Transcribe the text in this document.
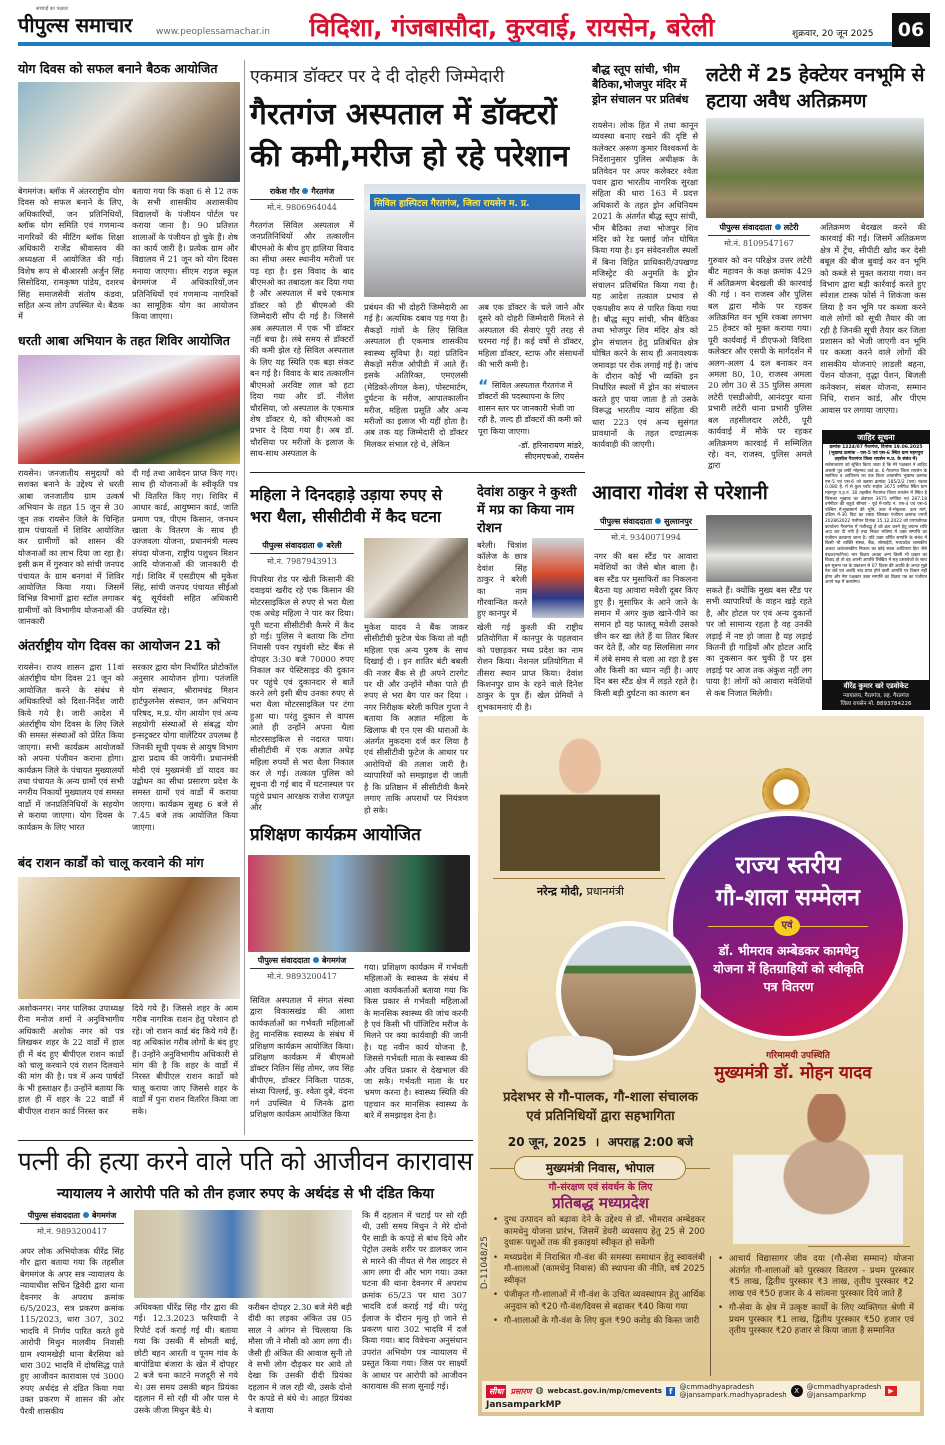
सच्चाई का पक्षधर
पीपुल्स समाचार	www.peoplessamachar.in	विदिशा, गंजबासौदा, कुरवाई, रायसेन, बरेली	शुक्रवार, 20 जून 2025	06
योग दिवस को सफल बनाने बैठक आयोजित
बेगमगंज। ब्लॉक में अंतरराष्ट्रीय योग दिवस को सफल बनाने के लिए, अधिकारियों, जन प्रतिनिधियों, ब्लॉक योग समिति एवं गणमान्य नागरिकों की मीटिंग ब्लॉक शिक्षा अधिकारी राजेंद्र श्रीवास्तव की अध्यक्षता में आयोजित की गई। विशेष रूप से बीआरसी अर्जुन सिंह सिसोदिया, रामकृष्ण पांडेय, दशरथ सिंह समाजसेवी संतोष कंडवा, सहित अन्य लोग उपस्थित थे। बैठक में
बताया गया कि कक्षा 6 से 12 तक के सभी शासकीय अशासकीय विद्यालयों के पंजीयन पोर्टल पर कराया जाना है। 90 प्रतिशत शालाओं के पंजीयन हो चुके हैं। शेष का कार्य जारी है। प्रत्येक ग्राम और विद्यालय में 21 जून को योग दिवस मनाया जाएगा। सीएम राइज स्कूल बेगमगंज में अधिकारियों,जन प्रतिनिधियों एवं गणमान्य नागरिकों का सामूहिक योग का आयोजन किया जाएगा।
धरती आबा अभियान के तहत शिविर आयोजित
रायसेन। जनजातीय समुदायों को सशक्त बनाने के उद्देश्य से धरती आबा जनजातीय ग्राम उत्कर्ष अभियान के तहत 15 जून से 30 जून तक रायसेन जिले के चिन्हित ग्राम पंचायतों में शिविर आयोजित कर ग्रामीणों को शासन की योजनाओं का लाभ दिया जा रहा है। इसी क्रम में गुरुवार को सांची जनपद पंचायत के ग्राम बनगवां में शिविर आयोजित किया गया। जिसमें विभिन्न विभागों द्वारा स्टॉल लगाकर ग्रामीणों को विभागीय योजनाओं की जानकारी
दी गई तथा आवेदन प्राप्त किए गए। साथ ही योजनाओं के स्वीकृति पत्र भी वितरित किए गए। शिविर में आधार कार्ड, आयुष्मान कार्ड, जाति प्रमाण पत्र, पीएम किसान, जनधन खाता के वितरण के साथ ही उज्जवला योजना, प्रधानमंत्री मत्स्य संपदा योजना, राष्ट्रीय पशुधन मिशन आदि योजनाओं की जानकारी दी गई। शिविर में एसडीएम श्री मुकेश सिंह, सांची जनपद पंचायत सीईओ बंदू सूर्यवंशी सहित अधिकारी उपस्थित रहे।
अंतर्राष्ट्रीय योग दिवस का आयोजन 21 को
रायसेन। राज्य शासन द्वारा 11वां अंतर्राष्ट्रीय योग दिवस 21 जून को आयोजित करने के संबंध मे अधिकारियों को दिशा-निर्देश जारी किये गये है। जारी आदेश में अंतर्राष्ट्रीय योग दिवस के लिए जिले की समस्त संस्थाओं को प्रेरित किया जाएगा। सभी कार्यक्रम आयोजकों को अपना पंजीयन कराना होगा। कार्यक्रम जिले के पंचायत मुख्यालयों तथा पंचायत के अन्य ग्रामों एवं सभी नगरीय निकायों मुख्यालय एवं समस्त वार्डो में जनप्रतिनिधियों के सहयोग से कराया जाएगा। योग दिवस के कार्यक्रम के लिए भारत
सरकार द्वारा योग निर्धारित प्रोटोकॉल अनुसार आयोजन होगा। पतंजलि योग संस्थान, श्रीरामचंद्र मिशन हार्टफुलनेस संस्थान, जन अभियान परिषद, म.प्र. योग आयोग एवं अन्य सहयोगी संस्थाओं से संबद्ध योग इन्सट्रक्टर योगा वालेंटियर उपलब्ध है जिनकी सूची पृथक से आयुष विभाग द्वारा प्रदाय की जायेगी। प्रधानमंत्री मोदी एवं मुख्यमंत्री डॉ यादव का उद्बोधन का सीधा प्रसारण प्रदेश के समस्त ग्रामों एवं वार्डो में कराया जाएगा। कार्यक्रम सुबह 6 बजे से 7.45 बजे तक आयोजित किया जाएगा।
बंद राशन कार्डों को चालू करवाने की मांग
अशोकनगर। नगर पालिका उपाध्यक्ष रीना मनोज शर्मा ने अनुविभागीय अधिकारी अशोक नगर को पत्र लिखकर शहर के 22 वार्डो में हाल ही में बंद हुए बीपीएल राशन कार्डो को चालू करवाने एवं राशन दिलवाने की मांग की है। पत्र में अन्य पार्षदों के भी हस्ताक्षर हैं। उन्होंने बताया कि हाल ही में शहर के 22 वार्डों में बीपीएल राशन कार्ड निरस्त कर
दिये गये हैं। जिससे शहर के आम गरीब नागरिक राशन हेतु परेशान हो रहे। जो राशन कार्ड बंद किये गये हैं। वह अधिकांश गरीब लोगों के बंद हुए हैं। उन्होंने अनुविभागीय अधिकारी से मांग की है कि शहर के वार्डो में निरस्त बीपीएल राशन कार्डो को चालू कराया जाए जिससे शहर के वार्डों में पुनः राशन वितरित किया जा सके।
एकमात्र डॉक्टर पर दे दी दोहरी जिम्मेदारी
गैरतगंज अस्पताल में डॉक्टरों की कमी,मरीज हो रहे परेशान
राकेश गौर गैरतगंज
मो.नं. 9806964044	सिविल हास्पिटल गैरतगंज, जिला रायसेन म. प्र.
गैरतगंज सिविल अस्पताल में जनप्रतिनिधियों और तत्कालीन बीएमओ के बीच हुए हालिया विवाद का सीधा असर स्थानीय मरीजों पर पड़ रहा है। इस विवाद के बाद बीएमओ का तबादला कर दिया गया है और अस्पताल में बचे एकमात्र डॉक्टर को ही बीएमओ की जिम्मेदारी सौंप दी गई है। जिससे अब अस्पताल में एक भी डॉक्टर नहीं बचा है। लंबे समय से डॉक्टरों की कमी झेल रहे सिविल अस्पताल के लिए यह स्थिति एक बड़ा संकट बन गई है। विवाद के बाद तत्कालीन बीएमओ अरविष्ट लाल को हटा दिया गया और डॉ. नीलेश चौरसिया, जो अस्पताल के एकमात्र शेष डॉक्टर थे, को बीएमओ का प्रभार दे दिया गया है। अब डॉ. चौरसिया पर मरीजों के इलाज के साथ-साथ अस्पताल के
प्रबंधन की भी दोहरी जिम्मेदारी आ गई है। अत्यधिक दबाव पड़ गया है। सैकड़ों गांवों के लिए सिविल अस्पताल ही एकमात्र शासकीय स्वास्थ्य सुविधा है। यहां प्रतिदिन सैकड़ों मरीज ओपीडी में आते हैं। इसके अतिरिक्त, एमएलसी (मेडिको-लीगल केस), पोस्टमार्टम, दुर्घटना के मरीज, आपातकालीन मरीज, महिला प्रसूति और अन्य मरीजों का इलाज भी यहीं होता है। अब तक यह जिम्मेदारी दो डॉक्टर मिलकर संभाल रहे थे, लेकिन
अब एक डॉक्टर के चले जाने और दूसरे को दोहरी जिम्मेदारी मिलने से अस्पताल की सेवाएं पूरी तरह से चरमरा गई हैं। कई वर्षो से डॉक्टर, महिला डॉक्टर, स्टाफ और संसाधनों की भारी कमी है।
सिविल अस्पताल गैरतगंज में डॉक्टरों की पदस्थापना के लिए शासन स्तर पर जानकारी भेजी जा रही है, जल्द ही डॉक्टरों की कमी को पूरा किया जाएगा।
-डॉ. हरिनारायण मांडरे,
सीएमएचओ, रायसेन
“
बौद्ध स्तूप सांची, भीम बैठिका,भोजपुर मंदिर में ड्रोन संचालन पर प्रतिबंध
रायसेन। लोक हित में तथा कानून व्यवस्था बनाए रखने की दृष्टि से कलेक्टर अरूण कुमार विश्वकर्मा के निर्देशानुसार पुलिस अधीक्षक के प्रतिवेदन पर अपर कलेक्टर श्वेता पवार द्वारा भारतीय नागरिक सुरक्षा संहिता की धारा 163 में प्रदत्त अधिकारों के तहत ड्रोन अधिनियम 2021 के अंतर्गत बौद्ध स्तूप सांची, भीम बैठिका तथा भोजपुर शिव मंदिर को रेड फ्लाई जोन घोषित किया गया है। इन संवेदनशील स्थलों में बिना विहित प्राधिकारी/उपखण्ड मजिस्ट्रेट की अनुमति के ड्रोन संचालन प्रतिबंधित किया गया है। यह आदेश तत्काल प्रभाव से एकपक्षीय रूप से पारित किया गया है। बौद्ध स्तूप सांची, भीम बैठिका तथा भोजपुर शिव मंदिर क्षेत्र को ड्रोन संचालन हेतु प्रतिबंधित क्षेत्र घोषित करने के साथ ही अनावश्यक जमावड़ा पर रोक लगाई गई है। जांच के दौरान कोई भी व्यक्ति इन निर्धारित स्थलों में ड्रोन का संचालन करते हुए पाया जाता है तो उसके विरूद्ध भारतीय न्याय संहिता की धारा 223 एवं अन्य सुसंगत प्रावधानों के तहत दण्डात्मक कार्यवाही की जाएगी।
लटेरी में 25 हेक्टेयर वनभूमि से हटाया अवैध अतिक्रमण
पीपुल्स संवाददाता लटेरी
मो.नं. 8109547167
गुरुवार को वन परिक्षेत्र उत्तर लटेरी बीट महावन के कक्ष क्रमांक 429 में अतिक्रमण बेदखली की कारवाई की गई । वन राजस्व और पुलिस बल द्वारा मौके पर रहकर अतिक्रमित वन भूमि रकबा लगभग 25 हेक्टर को मुक्त कराया गया। पूरी कार्यवाई में डीएफओ विदिशा कलेक्टर और एसपी के मार्गदर्शन में अलग-अलग 4 दल बनाकर वन अमला 80, 10, राजस्व अमला 20 लोग 30 से 35 पुलिस अमला लटेरी एसडीओपी, आनंदपुर थाना प्रभारी लटेरी थाना प्रभारी पुलिस बल तहसीलदार लटेरी, पूरी कार्यवाई में मौके पर रहकर अतिक्रमण कारवाई में सम्मिलित रहे। वन, राजस्व, पुलिस अमले द्वारा
अतिक्रमण बेदखल करने की कारवाई की गई। जिसमें अतिक्रमण क्षेत्र में ट्रेंच, सीपीटी खोद कर देसी बबूल की बीज बुवाई कर वन भूमि को कब्जे से मुक्त कराया गया। वन विभाग द्वारा बड़ी कार्रवाई करते हुए स्पेशल टास्क फोर्स ने शिकंजा कस लिया है वन भूमि पर कब्जा करने वाले लोगों को सूची तैयार की जा रही है जिनकी सूची तैयार कर जिला प्रशासन को भेजी जाएगी वन भूमि पर कब्जा करने वाले लोगों की शासकीय योजनाएं लाडली बहना, पेंशन योजना, वृद्धा पेंशन, बिजली कनेक्शन, संबल योजना, सम्मान निधि, राशन कार्ड, और पीएम आवास पर लगाया जाएगा।
जाहिर सूचना
क्रमांक 1224/07 गैरतगंज, दिनांक 19.06.2025
(भूखण्ड क्रमांक - एस-5 एवं एस-6 स्थित ग्राम महगपुरा तहसील गैरतगंज जिला रायसेन म.प्र. के संबंध में)
सर्वसाधारण को सूचित किया जाता है कि मेरे पक्षकार ने शाहिद अंसारी पुत्र शफी मोहम्मद वार्ड क्र. 6 गैरतगंज जिला रायसेन के स्वामित्व व आधिपत्य का एक किता आवासीय भूखण्ड क्रमांक एस-5 एवं एस-6 जो खसरा क्रमांक 185/2/2 (एस) रकबा 0.080 है. में से कुल प्लॉट साईज 3675 वर्गफिट स्थित ग्राम महगपुर प.ह.नं. 30 तहसील गैरतगंज जिला रायसेन में स्थित है जिसका भूखण्ड का क्षेत्रफल 3675 वर्गफिट एवं 287.18 वर्गमीटर की चतुर्थ सीमाएं - पूर्व में-प्लॉट नं. एस-4 एवं एस-6 पश्चिम में-मुख्यमार्ग की भूमि, उत्तर में-मोहल्ला- उतर मार्ग, दक्षिण में-30 फिट का रास्ता जिसका पंजीयन क्रमांक एमपी 202862022 पंजीयन दिनांक 15.12.2022 को उपपंजीयक कार्यालय गैरतगंज में पंजीबद्ध है को क्रय करने हेतु बयाना राशि अदा कर दी गयी है तथा निकट भविष्य में उक्त सम्पत्ति का पंजीयन करवाया जाना है। यदि उक्त वर्णित सम्पत्ति के संबंध में किसी भी व्यक्ति संस्था, बैंक, सोसाईटी, मध्यप्रदेश शासकीय अथवा अर्धशासकीय निकाय का कोई स्वत्व आधिपत्य हित जैसे बंधक(मार्टगेज) भार विक्रय अथवा अन्य किसी भी प्रकार का विवाद हो तो वह अपनी आपत्ति लिखित में सह दस्तावेजों के साथ इस सूचना पत्र के प्रकाशन से 07 दिवस की अवधि के अन्दर मुझे पेश करें एवं अवधि बाद प्राप्त होने वाली आपत्ति पर विचार नहीं होगा और मेरा पक्षकार उक्त सम्पत्ति का विक्रय पत्र का पंजीयन अपने पक्ष में करालेगा।
वीरेंद्र कुमार खरे एडवोकेट
न्यायालय, गैरतगंज, तह. गैरतगंज
जिला रायसेन मो. 8893784226
महिला ने दिनदहाड़े उड़ाया रुपए से भरा थैला, सीसीटीवी में कैद घटना
पीपुल्स संवाददाता बरेली
मो.नं. 7987943913
पिपरिया रोड पर खेती किसानी की दवाइयां खरीद रहे एक किसान की मोटरसाइकिल से रुपए से भरा थैला एक अधेड़ महिला ने पार कर दिया। पूरी घटना सीसीटीवी कैमरे में कैद हो गई। पुलिस ने बताया कि टोंगा निवासी पवन रघुवंशी स्टेट बैंक से दोपहर 3:30 बजे 70000 रुपए निकाल कर पेस्टिसाइड की दुकान पर पहुंचे एवं दुकानदार से बातें करने लगे इसी बीच उनका रुपए से भरा थैला मोटरसाइकिल पर टंगा हुआ था। परंतु दुकान से वापस आते ही उन्होंने अपना थैला मोटरसाइकिल से नदारत पाया। सीसीटीवी में एक अज्ञात अधेड़ महिला रुपयों से भरा थैला निकाल कर ले गई। तत्काल पुलिस को सूचना दी गई बाद में घटनास्थल पर पहुंचे प्रधान आरक्षक राजेश राजपूत और
मुकेश यादव ने बैंक जाकर सीसीटीवी फुटेज चेक किया तो वही महिला एक अन्य पुरुष के साथ दिखाई दी । इन शातिर बंटी बबली की नजर बैंक से ही अपने टारगेट पर थी और उन्होंने मौका पाते ही रुपए से भरा बैग पार कर दिया । नगर निरीक्षक बरेली कपिल गुप्ता ने बताया कि अज्ञात महिला के खिलाफ बी एन एस की धाराओं के अंतर्गत मुकदमा दर्ज कर लिया है एवं सीसीटीवी फुटेज के आधार पर आरोपियों की तलाश जारी है। व्यापारियों को समझाइश दी जाती है कि प्रतिष्ठान में सीसीटीवी कैमरे लगाए ताकि अपराधों पर नियंत्रण हो सके।
देवांश ठाकुर ने कुश्ती में मप्र का किया नाम रोशन
बरेली। चित्रांश कॉलेज के छात्र देवांश सिंह ठाकुर ने बरेली का नाम गौरवान्वित करते हुए कानपुर में
खेली गई कुश्ती की राष्ट्रीय प्रतियोगिता में कानपुर के पहलवान को पछाड़कर मध्य प्रदेश का नाम रोशन किया। नेशनल प्रतियोगिता में तीसरा स्थान प्राप्त किया। देवांश किशनपुर ग्राम के रहने वाले दिनेश ठाकुर के पुत्र हैं। खेल प्रेमियों ने शुभकामनाएं दी है।
आवारा गोवंश से परेशानी
पीपुल्स संवाददाता सुल्तानपुर
मो.नं. 9340071994
नगर की बस स्टैंड पर आवारा मवेशियों का जैसे बोल बाला है। बस स्टैंड पर मुसाफिरों का निकलना बैठना यह आवारा मवेशी दूबर किए हुए हैं। मुसाफिर के आने जाने के समान में अगर कुछ खाने-पीने का समान हो यह फालतू मवेशी उसको छीन कर खा लेते हैं या तितर बितर कर देते हैं, और यह सिलसिला नगर में लंबे समय से चला आ रहा है इस और किसी का ध्यान नहीं है। आए दिन बस स्टैंड क्षेत्र में लड़ते रहते है। किसी बड़ी दुर्घटना का कारण बन
सकते हैं। क्योंकि मुख्य बस स्टैंड पर सभी व्यापारियों के वाहन खड़े रहते है, और होटल पर एवं अन्य दुकानों पर जो सामान्य रहता है वह उनकी लड़ाई में नष्ट हो जाता है यह लड़ाई कितनी ही गाड़ियों और होटल आदि का नुकसान कर चुकी है पर इस लड़ाई पर आज तक अंकुश नहीं लग पाया है! लोगों को आवारा मवेशियों से कब निजात मिलेगी।
प्रशिक्षण कार्यक्रम आयोजित
पीपुल्स संवाददाता बेगमगंज
मो.नं. 9893200417
सिविल अस्पताल में संगत संस्था द्वारा विकासखंड की आशा कार्यकर्ताओं का गर्भवती महिलाओं हेतु मानसिक स्वास्थ्य के संबंध में प्रशिक्षण कार्यक्रम आयोजित किया। प्रशिक्षण कार्यक्रम में बीएमओ डॉक्टर नितिन सिंह तोमर, जय सिंह बीपीएम, डॉक्टर निकिता पाठक, संध्या पिल्लई, कु. श्वेता दुबे, वंदना गर्ग उपस्थित थे जिनके द्वारा प्रशिक्षण कार्यक्रम आयोजित किया
गया। प्रशिक्षण कार्यक्रम में गर्भवती महिलाओं के स्वास्थ्य के संबंध में आशा कार्यकर्ताओं बताया गया कि किस प्रकार से गर्भवती महिलाओं के मानसिक स्वास्थ्य की जांच करनी है एवं किसी भी पॉजिटिव मरीज के मिलने पर क्या कार्यवाही की जानी है। यह नवीन कार्य योजना है, जिससे गर्भवती माता के स्वास्थ्य की और उचित प्रकार से देखभाल की जा सके। गर्भवती माता के घर भ्रमण करना है। स्वास्थ्य स्थिति की पहचान कर मानसिक स्वास्थ्य के बारे में समझाइश देना है।
पत्नी की हत्या करने वाले पति को आजीवन कारावास
न्यायालय ने आरोपी पति को तीन हजार रुपए के अर्थदंड से भी दंडित किया
पीपुल्स संवाददाता बेगमगंज
मो.नं. 9893200417
अपर लोक अभियोजक धीरेंद्र सिंह गौर द्वारा बताया गया कि तहसील बेगमगंज के अपर सत्र न्यायालय के न्यायाधीश सचिन द्विवेदी द्वारा थाना देवनगर के अपराध क्रमांक 6/5/2023, सत्र प्रकरण क्रमांक 115/2023, धारा 307, 302 भादवि में निर्णय पारित करते हुये आरोपी मिथुन मालवीय निवासी ग्राम श्यामखेड़ी थाना बैरसिया को धारा 302 भादवि में दोषसिद्ध पाते हुए आजीवन कारावास एवं 3000 रुपए अर्थदंड से दंडित किया गया उक्त प्रकरण में शासन की ओर पैरवी शासकीय
अधिवक्ता धीरेंद्र सिंह गौर द्वारा की गई। 12.3.2023 फरियादी ने रिपोर्ट दर्ज कराई गई थी। बताया गया कि उसकी मैं सोमती बाई, छोटी बहन आरती व पूनम गांव के बापोडिया बंजारा के खेत में दोपहर 2 बजे चना काटने मजदूरी से गये थे। उस समय उसकी बहन प्रियंका दहलान में सो रही थी और पास मे उसके जीजा मिथुन बैठे थे।
करीबन दोपहर 2.30 बजे मेरी बड़ी दीदी का लड़का अंकित उम्र 05 साल ने आंगन से चिल्लाया कि मौसा जी ने मौसी को आग लगा दी। जैसी ही अंकित की आवाज सुनी तो वे सभी लोग दौड़कर घर आये तो देखा कि उसकी दीदी प्रियंका दहलान मे जल रही थी, उसके दोनो पैर कपडे से बंधे थे। आहत प्रियंका ने बताया
कि मैं दहलान में चटाई पर सो रही थी, उसी समय मिथुन ने मेरे दोनो पैर साडी के कपड़े से बांध दिये और पेट्रोल उसके शरीर पर डालकर जान से मारने की नीयत से गैस लाइटर से आग लगा दी और भाग गया। उक्त घटना की थाना देवनगर में अपराध क्रमांक 65/23 पर धारा 307 भादवि दर्ज कराई गई थी। परंतु ईलाज के दौरान मृत्यु हो जाने से प्रकरण धारा 302 भादवि में दर्ज किया गया। बाद विवेचना अनुसंधान उपरांत अभियोग पत्र न्यायालय में प्रस्तुत किया गया। जिस पर साक्ष्यों के आधार पर आरोपी को आजीवन कारावास की सजा सुनाई गई।
नरेन्द्र मोदी, प्रधानमंत्री
राज्य स्तरीय
गौ-शाला सम्मेलन
एवं
डॉ. भीमराव अम्बेडकर कामधेनु योजना में हितग्राहियों को स्वीकृति पत्र वितरण
गरिमामयी उपस्थिति
मुख्यमंत्री डॉ. मोहन यादव
प्रदेशभर से गौ-पालक, गौ-शाला संचालक एवं प्रतिनिधियों द्वारा सहभागिता
20 जून, 2025  ।  अपराह्न 2:00 बजे
मुख्यमंत्री निवास, भोपाल
गौ-संरक्षण एवं संवर्धन के लिए
प्रतिबद्ध मध्यप्रदेश
D-11048/25
• दुग्ध उत्पादन को बढ़ावा देने के उद्देश्य से डॉ. भीमराव अम्बेडकर कामधेनु योजना प्रारंभ, जिसमें डेयरी व्यवसाय हेतु 25 से 200 दुधारू पशुओं तक की इकाइयां स्वीकृत हो सकेंगी
• मध्यप्रदेश में निराश्रित गौ-वंश की समस्या समाधान हेतु स्वावलंबी गौ-शालाओं (कामधेनु निवास) की स्थापना की नीति, वर्ष 2025 स्वीकृत
• पंजीकृत गौ-शालाओं में गौ-वंश के उचित व्यवस्थापन हेतु आर्थिक अनुदान को ₹20 गौ-वंश/दिवस से बढ़ाकर ₹40 किया गया
• गौ-शालाओं के गौ-वंश के लिए कुल ₹90 करोड़ की किस्त जारी
• आचार्य विद्यासागर जीव दया (गौ-सेवा सम्मान) योजना अंतर्गत गौ-शालाओं को पुरस्कार वितरण - प्रथम पुरस्कार ₹5 लाख, द्वितीय पुरस्कार ₹3 लाख, तृतीय पुरस्कार ₹2 लाख एवं ₹50 हजार के 4 सांत्वना पुरस्कार दिये जाते हैं
• गौ-सेवा के क्षेत्र में उत्कृष्ट कार्यों के लिए व्यक्तिगत श्रेणी में प्रथम पुरस्कार ₹1 लाख, द्वितीय पुरस्कार ₹50 हजार एवं तृतीय पुरस्कार ₹20 हजार से किया जाता है सम्मानित
सीधा प्रसारण ◍ webcast.gov.in/mp/cmevents f	@cmmadhyapradesh
@jansampark.madhyapradesh	X	@cmmadhyapradesh
@jansamparkmp	▶
JansamparkMP
